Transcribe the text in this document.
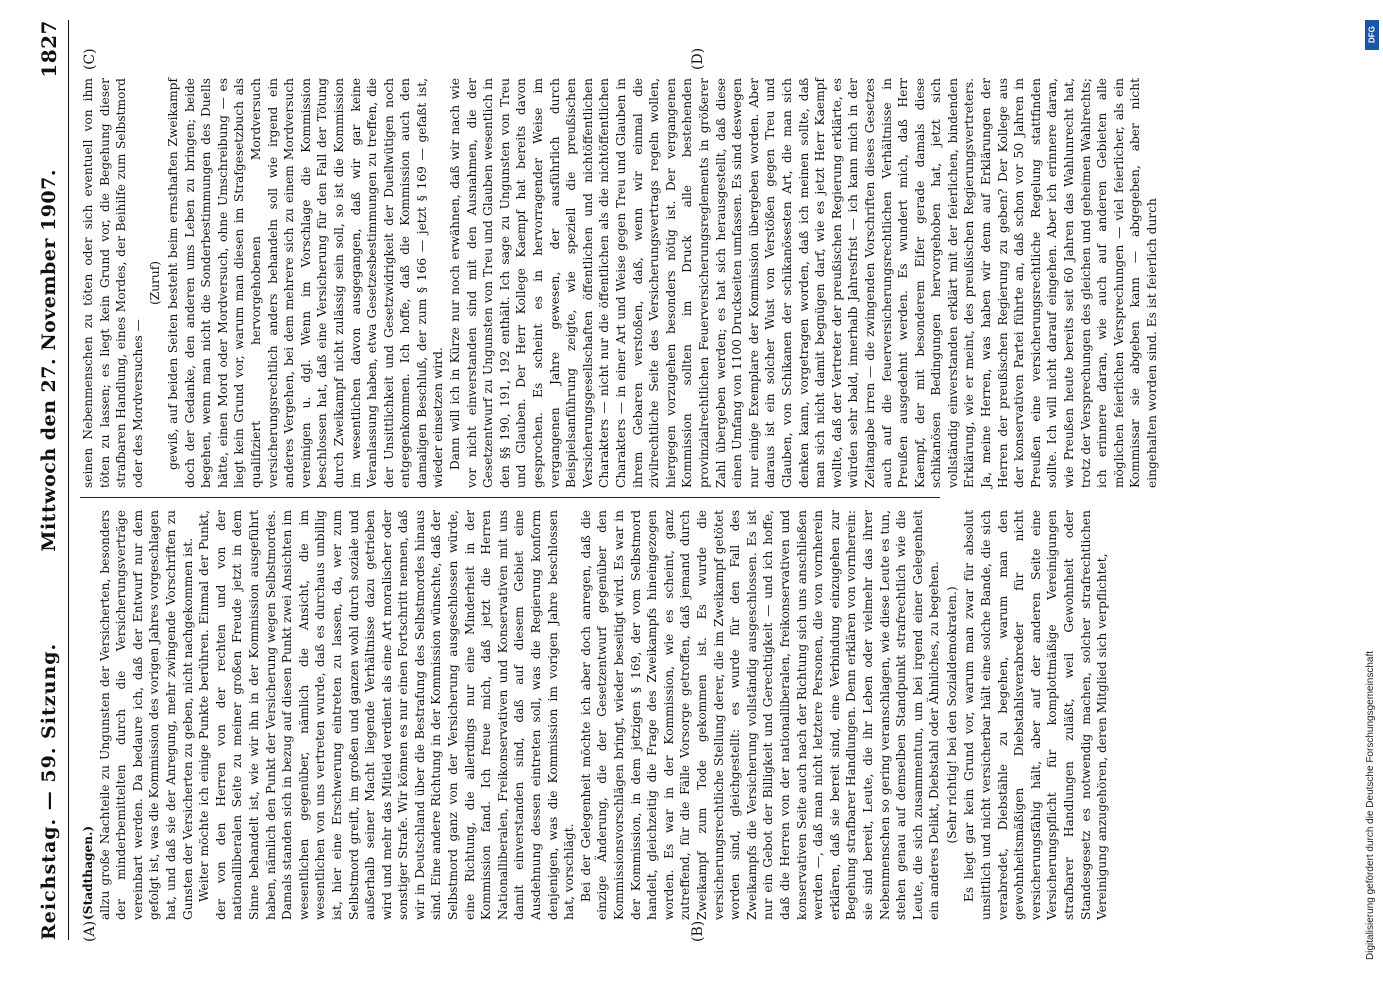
Reichstag. — 59. Sitzung.
Mittwoch den 27. November 1907.
1827
(A)	(B)
(C)	(D)

(Stadthagen.) allzu große Nachteile zu Ungunsten der Versicherten, besonders der minderbemittelten durch die Versicherungsverträge vereinbart werden. Da bedaure ich, daß der Entwurf nur dem gefolgt ist, was die Kommission des vorigen Jahres vorgeschlagen hat, und daß sie der Anregung, mehr zwingende Vorschriften zu Gunsten der Versicherten zu geben, nicht nachgekommen ist. Weiter möchte ich einige Punkte berühren. Einmal der Punkt, der von den Herren von der rechten und von der nationalliberalen Seite zu meiner großen Freude jetzt in dem Sinne behandelt ist, wie wir ihn in der Kommission ausgeführt haben, nämlich den Punkt der Versicherung wegen Selbstmordes. Damals standen sich in bezug auf diesen Punkt zwei Ansichten im wesentlichen gegenüber, nämlich die Ansicht, die im wesentlichen von uns vertreten wurde, daß es durchaus unbillig ist, hier eine Erschwerung eintreten zu lassen, da, wer zum Selbstmord greift, im großen und ganzen wohl durch soziale und außerhalb seiner Macht liegende Verhältnisse dazu getrieben wird und mehr das Mitleid verdient als eine Art moralischer oder sonstiger Strafe. Wir können es nur einen Fortschritt nennen, daß wir in Deutschland über die Bestrafung des Selbstmordes hinaus sind. Eine andere Richtung in der Kommission wünschte, daß der Selbstmord ganz von der Versicherung ausgeschlossen würde, eine Richtung, die allerdings nur eine Minderheit in der Kommission fand. Ich freue mich, daß jetzt die Herren Nationalliberalen, Freikonservativen und Konservativen mit uns damit einverstanden sind, daß auf diesem Gebiet eine Ausdehnung dessen eintreten soll, was die Regierung konform denjenigen, was die Kommission im vorigen Jahre beschlossen hat, vorschlägt. Bei der Gelegenheit möchte ich aber doch anregen, daß die einzige Änderung, die der Gesetzentwurf gegenüber den Kommissionsvorschlägen bringt, wieder beseitigt wird. Es war in der Kommission, in dem jetzigen § 169, der vom Selbstmord handelt, gleichzeitig die Frage des Zweikampfs hineingezogen worden. Es war in der Kommission, wie es scheint, ganz zutreffend, für die Fälle Vorsorge getroffen, daß jemand durch Zweikampf zum Tode gekommen ist. Es wurde die versicherungsrechtliche Stellung derer, die im Zweikampf getötet worden sind, gleichgestellt: es wurde für den Fall des Zweikampfs die Versicherung vollständig ausgeschlossen. Es ist nur ein Gebot der Billigkeit und Gerechtigkeit — und ich hoffe, daß die Herren von der nationalliberalen, freikonservativen und konservativen Seite auch nach der Richtung sich uns anschließen werden —, daß man nicht letztere Personen, die von vornherein erklären, daß sie bereit sind, eine Verbindung einzugehen zur Begehung strafbarer Handlungen. Denn erklären von vornherein: sie sind bereit, Leute, die ihr Leben oder vielmehr das ihrer Nebenmenschen so gering veranschlagen, wie diese Leute es tun, stehen genau auf demselben Standpunkt strafrechtlich wie die Leute, die sich zusammentun, um bei irgend einer Gelegenheit ein anderes Delikt, Diebstahl oder Ähnliches, zu begehen. (Sehr richtig! bei den Sozialdemokraten.) Es liegt gar kein Grund vor, warum man zwar für absolut unsittlich und nicht versicherbar hält eine solche Bande, die sich verabredet, Diebstähle zu begehen, warum man den gewohnheitsmäßigen Diebstahlsverabreder für nicht versicherungsfähig hält, aber auf der anderen Seite eine Versicherungspflicht für komplottmäßige Vereinigungen strafbarer Handlungen zuläßt, weil Gewohnheit oder Standesgesetz es notwendig machen, solcher strafrechtlichen Vereinigung anzugehören, deren Mitglied sich verpflichtet,

seinen Nebenmenschen zu töten oder sich eventuell von ihm töten zu lassen; es liegt kein Grund vor, die Begehung dieser strafbaren Handlung, eines Mordes, der Beihilfe zum Selbstmord oder des Mordversuches —

(Zuruf) gewiß, auf beiden Seiten besteht beim ernsthaften Zweikampf doch der Gedanke, den anderen ums Leben zu bringen; beide begehen, wenn man nicht die Sonderbestimmungen des Duells hätte, einen Mord oder Mordversuch, ohne Umschreibung — es liegt kein Grund vor, warum man diesen im Strafgesetzbuch als qualifiziert hervorgehobenen Mordversuch versicherungsrechtlich anders behandeln soll wie irgend ein anderes Vergehen, bei dem mehrere sich zu einem Mordversuch vereinigen u. dgl. Wenn im Vorschlage die Kommission beschlossen hat, daß eine Versicherung für den Fall der Tötung durch Zweikampf nicht zulässig sein soll, so ist die Kommission im wesentlichen davon ausgegangen, daß wir gar keine Veranlassung haben, etwa Gesetzesbestimmungen zu treffen, die der Unsittlichkeit und Gesetzwidrigkeit der Duellwütigen noch entgegenkommen. Ich hoffe, daß die Kommission auch den damaligen Beschluß, der zum § 166 — jetzt § 169 — gefaßt ist, wieder einsetzen wird. Dann will ich in Kürze nur noch erwähnen, daß wir nach wie vor nicht einverstanden sind mit den Ausnahmen, die der Gesetzentwurf zu Ungunsten von Treu und Glauben wesentlich in den §§ 190, 191, 192 enthält. Ich sage zu Ungunsten von Treu und Glauben. Der Herr Kollege Kaempf hat bereits davon gesprochen. Es scheint es in hervorragender Weise im vergangenen Jahre gewesen, der ausführlich durch Beispielsanführung zeigte, wie speziell die preußischen Versicherungsgesellschaften öffentlichen und nichtöffentlichen Charakters — nicht nur die öffentlichen als die nichtöffentlichen Charakters — in einer Art und Weise gegen Treu und Glauben in ihrem Gebaren verstoßen, daß, wenn wir einmal die zivilrechtliche Seite des Versicherungsvertrags regeln wollen, hiergegen vorzugehen besonders nötig ist. Der vergangenen Kommission sollten im Druck alle bestehenden provinzialrechtlichen Feuerversicherungsreglements in größerer Zahl übergeben werden; es hat sich herausgestellt, daß diese einen Umfang von 1100 Druckseiten umfassen. Es sind deswegen nur einige Exemplare der Kommission übergeben worden. Aber daraus ist ein solcher Wust von Verstößen gegen Treu und Glauben, von Schikanen der schikanösesten Art, die man sich denken kann, vorgetragen worden, daß ich meinen sollte, daß man sich nicht damit begnügen darf, wie es jetzt Herr Kaempf wollte, daß der Vertreter der preußischen Regierung erklärte, es würden sehr bald, innerhalb Jahresfrist — ich kann mich in der Zeitangabe irren — die zwingenden Vorschriften dieses Gesetzes auch auf die feuerversicherungsrechtlichen Verhältnisse in Preußen ausgedehnt werden. Es wundert mich, daß Herr Kaempf, der mit besonderem Eifer gerade damals diese schikanösen Bedingungen hervorgehoben hat, jetzt sich vollständig einverstanden erklärt mit der feierlichen, bindenden Erklärung, wie er meint, des preußischen Regierungsvertreters. Ja, meine Herren, was haben wir denn auf Erklärungen der Herren der preußischen Regierung zu geben? Der Kollege aus der konservativen Partei führte an, daß schon vor 50 Jahren in Preußen eine versicherungsrechtliche Regelung stattfinden sollte. Ich will nicht darauf eingehen. Aber ich erinnere daran, wie Preußen heute bereits seit 60 Jahren das Wahlunrecht hat, trotz der Versprechungen des gleichen und geheimen Wahlrechts; ich erinnere daran, wie auch auf anderen Gebieten alle möglichen feierlichen Versprechungen — viel feierlicher, als ein Kommissar sie abgeben kann — abgegeben, aber nicht eingehalten worden sind. Es ist feierlich durch

DFG
Digitalisierung gefördert durch die Deutsche Forschungsgemeinschaft
